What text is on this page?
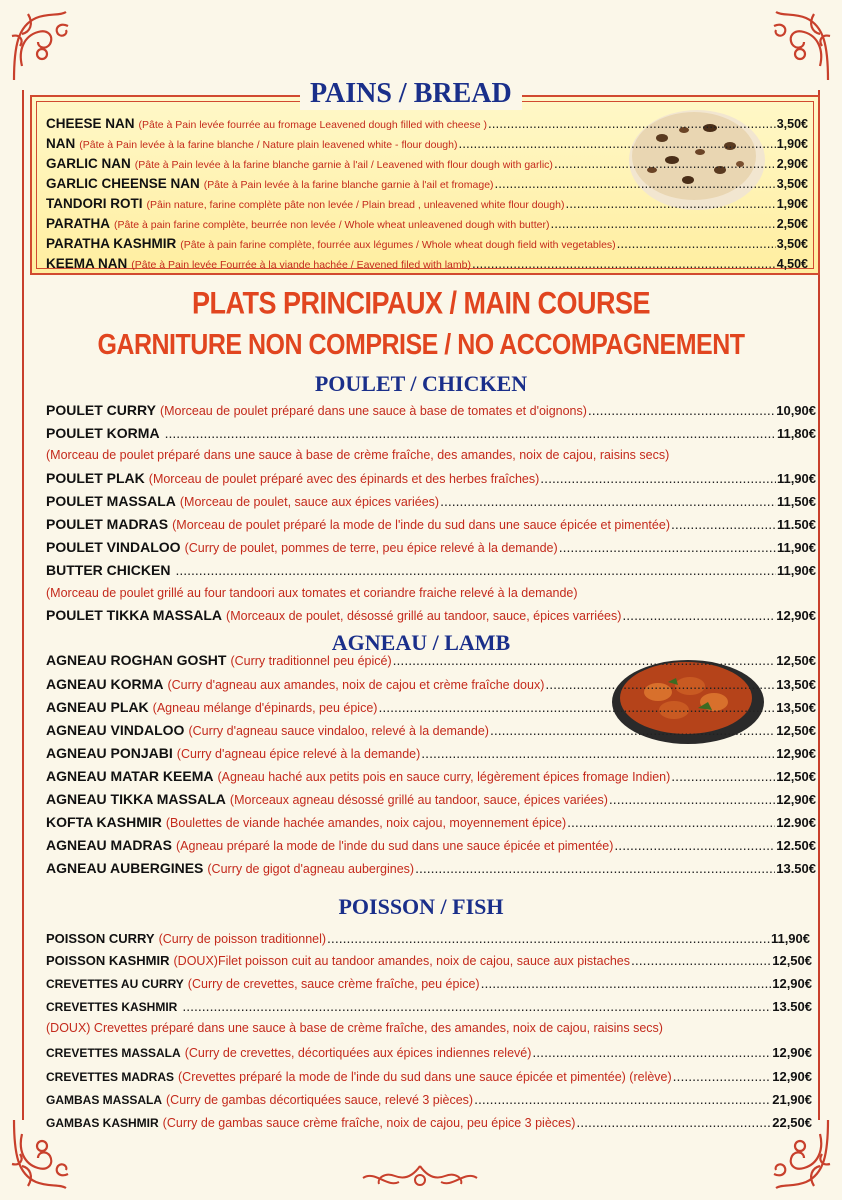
PAINS / BREAD
CHEESE NAN (Pâte à Pain levée fourrée au fromage Leavened dough filled with cheese ) .....	3,50€
NAN (Pâte à Pain levée à la farine blanche / Nature plain leavened white - flour dough) .....	1,90€
GARLIC NAN (Pâte à Pain levée à la farine blanche garnie à l'ail / Leavened with flour dough with garlic) .....	2,90€
GARLIC CHEENSE NAN (Pâte à Pain levée à la farine blanche garnie à l'ail et fromage) .....	3,50€
TANDORI ROTI (Pâin nature, farine complète pâte non levée / Plain bread , unleavened white flour dough) .....	1,90€
PARATHA (Pâte à pain farine complète, beurrée non levée / Whole wheat unleavened dough with butter) .....	2,50€
PARATHA KASHMIR (Pâte à pain farine complète, fourrée aux légumes / Whole wheat dough field with vegetables) .....	3,50€
KEEMA NAN (Pâte à Pain levée Fourrée à la viande hachée / Eavened filed with lamb) .....	4,50€
PLATS PRINCIPAUX / MAIN COURSE
GARNITURE NON COMPRISE / NO ACCOMPAGNEMENT
POULET / CHICKEN
POULET CURRY (Morceau de poulet préparé dans une sauce à base de tomates et d'oignons) .....	10,90€
POULET KORMA .....	11,80€
(Morceau de poulet préparé dans une sauce à base de crème fraîche, des amandes, noix de cajou, raisins secs)
POULET PLAK (Morceau de poulet préparé avec des épinards et des herbes fraîches) .....	11,90€
POULET MASSALA (Morceau de poulet, sauce aux épices variées) .....	11,50€
POULET MADRAS (Morceau de poulet préparé la mode de l'inde du sud dans une sauce épicée et pimentée) .....	11.50€
POULET VINDALOO (Curry de poulet, pommes de terre, peu épice relevé à la demande) .....	11,90€
BUTTER CHICKEN .....	11,90€
(Morceau de poulet grillé au four tandoori aux tomates et coriandre fraiche relevé à la demande)
POULET TIKKA MASSALA (Morceaux de poulet, désossé grillé au tandoor, sauce, épices varriées) .....	12,90€
AGNEAU / LAMB
AGNEAU ROGHAN GOSHT (Curry traditionnel peu épicé) .....	12,50€
AGNEAU KORMA (Curry d'agneau aux amandes, noix de cajou et crème fraîche doux) .....	13,50€
AGNEAU PLAK (Agneau mélange d'épinards, peu épice) .....	13,50€
AGNEAU VINDALOO (Curry d'agneau sauce vindaloo, relevé à la demande) .....	12,50€
AGNEAU PONJABI (Curry d'agneau épice relevé à la demande) .....	12,90€
AGNEAU MATAR KEEMA (Agneau haché aux petits pois en sauce curry, légèrement épices fromage Indien) .....	12,50€
AGNEAU TIKKA MASSALA (Morceaux agneau désossé grillé au tandoor, sauce, épices variées) .....	12,90€
KOFTA KASHMIR (Boulettes de viande hachée amandes, noix cajou, moyennement épice) .....	12.90€
AGNEAU MADRAS (Agneau préparé la mode de l'inde du sud dans une sauce épicée et pimentée) .....	12.50€
AGNEAU AUBERGINES (Curry de gigot d'agneau aubergines) .....	13.50€
POISSON / FISH
POISSON CURRY (Curry de poisson traditionnel) .....	11,90€
POISSON KASHMIR (DOUX)Filet poisson cuit au tandoor amandes, noix de cajou, sauce aux pistaches .....	12,50€
CREVETTES AU CURRY (Curry de crevettes, sauce crème fraîche, peu épice) .....	12,90€
CREVETTES KASHMIR .....	13.50€
(DOUX) Crevettes préparé dans une sauce à base de crème fraîche, des amandes, noix de cajou, raisins secs)
CREVETTES MASSALA (Curry de crevettes, décortiquées aux épices indiennes relevé) .....	12,90€
CREVETTES MADRAS (Crevettes préparé la mode de l'inde du sud dans une sauce épicée et pimentée) (relève) .....	12,90€
GAMBAS MASSALA (Curry de gambas décortiquées sauce, relevé 3 pièces) .....	21,90€
GAMBAS KASHMIR (Curry de gambas sauce crème fraîche, noix de cajou, peu épice 3 pièces) .....	22,50€
